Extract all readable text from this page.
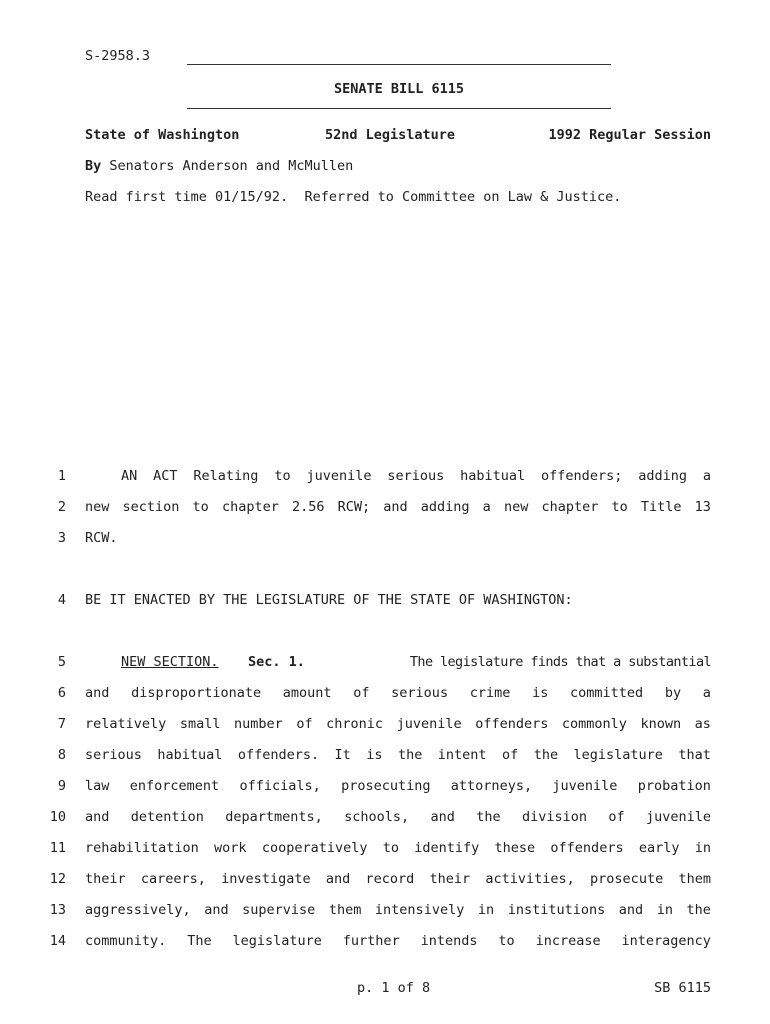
S-2958.3
SENATE BILL 6115
State of Washington	52nd Legislature	1992 Regular Session
By Senators Anderson and McMullen
Read first time 01/15/92.  Referred to Committee on Law & Justice.
1	AN ACT Relating to juvenile serious habitual offenders; adding a
2 new section to chapter 2.56 RCW; and adding a new chapter to Title 13
3 RCW.
4 BE IT ENACTED BY THE LEGISLATURE OF THE STATE OF WASHINGTON:
5	NEW SECTION. Sec. 1.	The legislature finds that a substantial
6 and disproportionate amount of serious crime is committed by a
7 relatively small number of chronic juvenile offenders commonly known as
8 serious habitual offenders. It is the intent of the legislature that
9 law enforcement officials, prosecuting attorneys, juvenile probation
10 and detention departments, schools, and the division of juvenile
11 rehabilitation work cooperatively to identify these offenders early in
12 their careers, investigate and record their activities, prosecute them
13 aggressively, and supervise them intensively in institutions and in the
14 community. The legislature further intends to increase interagency
p. 1 of 8	SB 6115
